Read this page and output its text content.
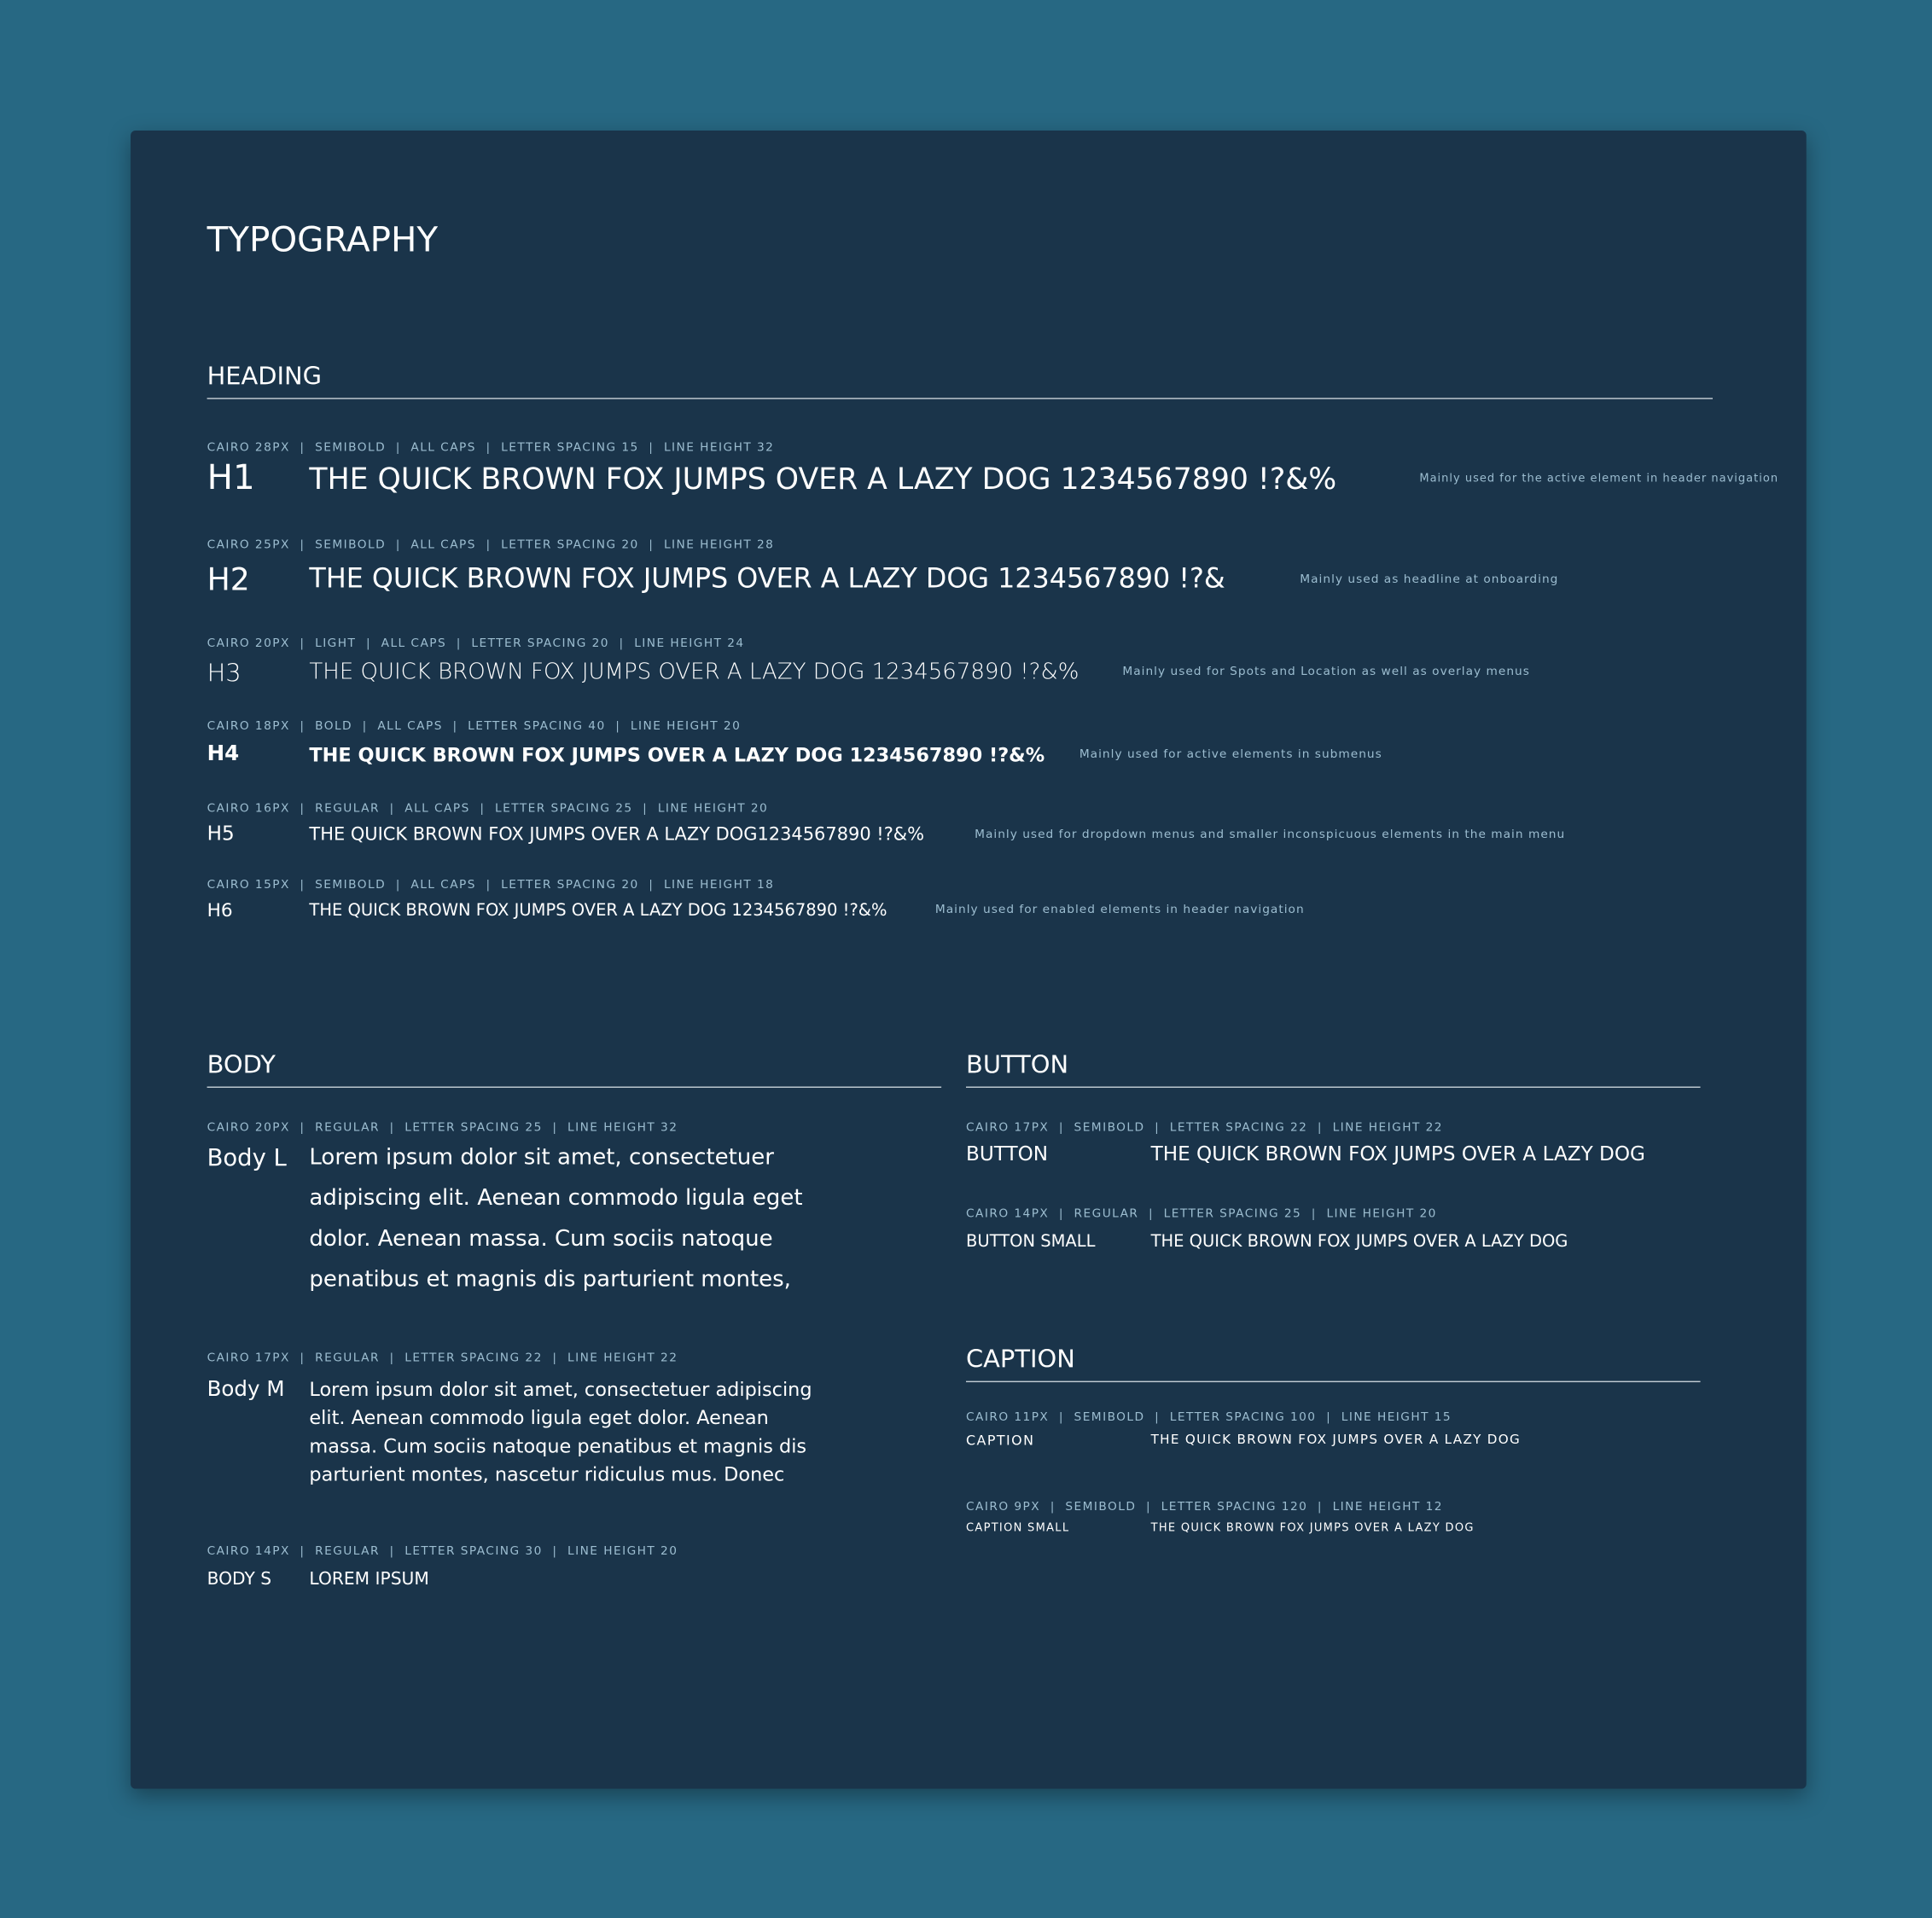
TYPOGRAPHY
HEADING
CAIRO 28PX  |  SEMIBOLD  |  ALL CAPS  |  LETTER SPACING 15  |  LINE HEIGHT 32
H1	THE QUICK BROWN FOX JUMPS OVER A LAZY DOG 1234567890 !?&%	Mainly used for the active element in header navigation
CAIRO 25PX  |  SEMIBOLD  |  ALL CAPS  |  LETTER SPACING 20  |  LINE HEIGHT 28
H2	THE QUICK BROWN FOX JUMPS OVER A LAZY DOG 1234567890 !?&	Mainly used as headline at onboarding
CAIRO 20PX  |  LIGHT  |  ALL CAPS  |  LETTER SPACING 20  |  LINE HEIGHT 24
H3	THE QUICK BROWN FOX JUMPS OVER A LAZY DOG 1234567890 !?&%	Mainly used for Spots and Location as well as overlay menus
CAIRO 18PX  |  BOLD  |  ALL CAPS  |  LETTER SPACING 40  |  LINE HEIGHT 20
H4	THE QUICK BROWN FOX JUMPS OVER A LAZY DOG 1234567890 !?&%	Mainly used for active elements in submenus
CAIRO 16PX  |  REGULAR  |  ALL CAPS  |  LETTER SPACING 25  |  LINE HEIGHT 20
H5	THE QUICK BROWN FOX JUMPS OVER A LAZY DOG1234567890 !?&%	Mainly used for dropdown menus and smaller inconspicuous elements in the main menu
CAIRO 15PX  |  SEMIBOLD  |  ALL CAPS  |  LETTER SPACING 20  |  LINE HEIGHT 18
H6	THE QUICK BROWN FOX JUMPS OVER A LAZY DOG 1234567890 !?&%	Mainly used for enabled elements in header navigation
BODY
CAIRO 20PX  |  REGULAR  |  LETTER SPACING 25  |  LINE HEIGHT 32
Body L Lorem ipsum dolor sit amet, consectetuer adipiscing elit. Aenean commodo ligula eget dolor. Aenean massa. Cum sociis natoque penatibus et magnis dis parturient montes,
CAIRO 17PX  |  REGULAR  |  LETTER SPACING 22  |  LINE HEIGHT 22
Body M Lorem ipsum dolor sit amet, consectetuer adipiscing elit. Aenean commodo ligula eget dolor. Aenean massa. Cum sociis natoque penatibus et magnis dis parturient montes, nascetur ridiculus mus. Donec
CAIRO 14PX  |  REGULAR  |  LETTER SPACING 30  |  LINE HEIGHT 20
BODY S	LOREM IPSUM
BUTTON
CAIRO 17PX  |  SEMIBOLD  |  LETTER SPACING 22  |  LINE HEIGHT 22
BUTTON	THE QUICK BROWN FOX JUMPS OVER A LAZY DOG
CAIRO 14PX  |  REGULAR  |  LETTER SPACING 25  |  LINE HEIGHT 20
BUTTON SMALL	THE QUICK BROWN FOX JUMPS OVER A LAZY DOG
CAPTION
CAIRO 11PX  |  SEMIBOLD  |  LETTER SPACING 100  |  LINE HEIGHT 15
CAPTION	THE QUICK BROWN FOX JUMPS OVER A LAZY DOG
CAIRO 9PX  |  SEMIBOLD  |  LETTER SPACING 120  |  LINE HEIGHT 12
CAPTION SMALL	THE QUICK BROWN FOX JUMPS OVER A LAZY DOG
